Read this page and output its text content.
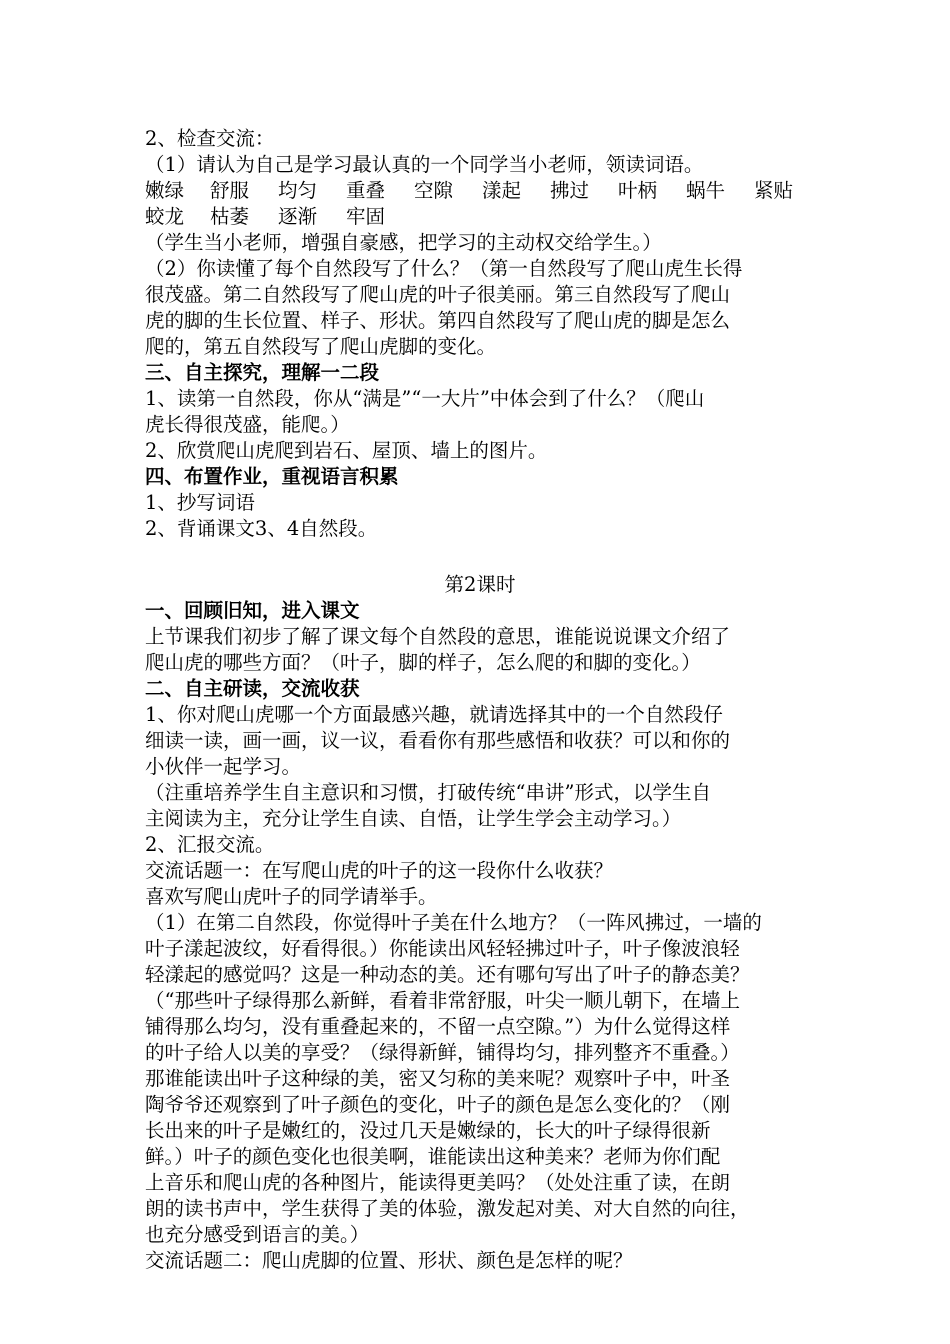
2、检查交流：
（1）请认为自己是学习最认真的一个同学当小老师，领读词语。
嫩绿	舒服	均匀	重叠	空隙	漾起	拂过	叶柄	蜗牛	紧贴
蛟龙	枯萎	逐渐	牢固
（学生当小老师，增强自豪感，把学习的主动权交给学生。）
（2）你读懂了每个自然段写了什么？（第一自然段写了爬山虎生长得
很茂盛。第二自然段写了爬山虎的叶子很美丽。第三自然段写了爬山
虎的脚的生长位置、样子、形状。第四自然段写了爬山虎的脚是怎么
爬的，第五自然段写了爬山虎脚的变化。
三、自主探究，理解一二段
1、读第一自然段，你从“满是”“一大片”中体会到了什么？（爬山
虎长得很茂盛，能爬。）
2、欣赏爬山虎爬到岩石、屋顶、墙上的图片。
四、布置作业，重视语言积累
1、抄写词语
2、背诵课文3、4自然段。
第2课时
一、回顾旧知，进入课文
上节课我们初步了解了课文每个自然段的意思，谁能说说课文介绍了
爬山虎的哪些方面？（叶子，脚的样子，怎么爬的和脚的变化。）
二、自主研读，交流收获
1、你对爬山虎哪一个方面最感兴趣，就请选择其中的一个自然段仔
细读一读，画一画，议一议，看看你有那些感悟和收获？可以和你的
小伙伴一起学习。
（注重培养学生自主意识和习惯，打破传统“串讲”形式，以学生自
主阅读为主，充分让学生自读、自悟，让学生学会主动学习。）
2、汇报交流。
交流话题一：在写爬山虎的叶子的这一段你什么收获？
喜欢写爬山虎叶子的同学请举手。
（1）在第二自然段，你觉得叶子美在什么地方？（一阵风拂过，一墙的
叶子漾起波纹，好看得很。）你能读出风轻轻拂过叶子，叶子像波浪轻
轻漾起的感觉吗？这是一种动态的美。还有哪句写出了叶子的静态美？
（“那些叶子绿得那么新鲜，看着非常舒服，叶尖一顺儿朝下，在墙上
铺得那么均匀，没有重叠起来的，不留一点空隙。”）为什么觉得这样
的叶子给人以美的享受？（绿得新鲜，铺得均匀，排列整齐不重叠。）
那谁能读出叶子这种绿的美，密又匀称的美来呢？观察叶子中，叶圣
陶爷爷还观察到了叶子颜色的变化，叶子的颜色是怎么变化的？（刚
长出来的叶子是嫩红的，没过几天是嫩绿的，长大的叶子绿得很新
鲜。）叶子的颜色变化也很美啊，谁能读出这种美来？老师为你们配
上音乐和爬山虎的各种图片，能读得更美吗？（处处注重了读，在朗
朗的读书声中，学生获得了美的体验，激发起对美、对大自然的向往，
也充分感受到语言的美。）
交流话题二：爬山虎脚的位置、形状、颜色是怎样的呢？
